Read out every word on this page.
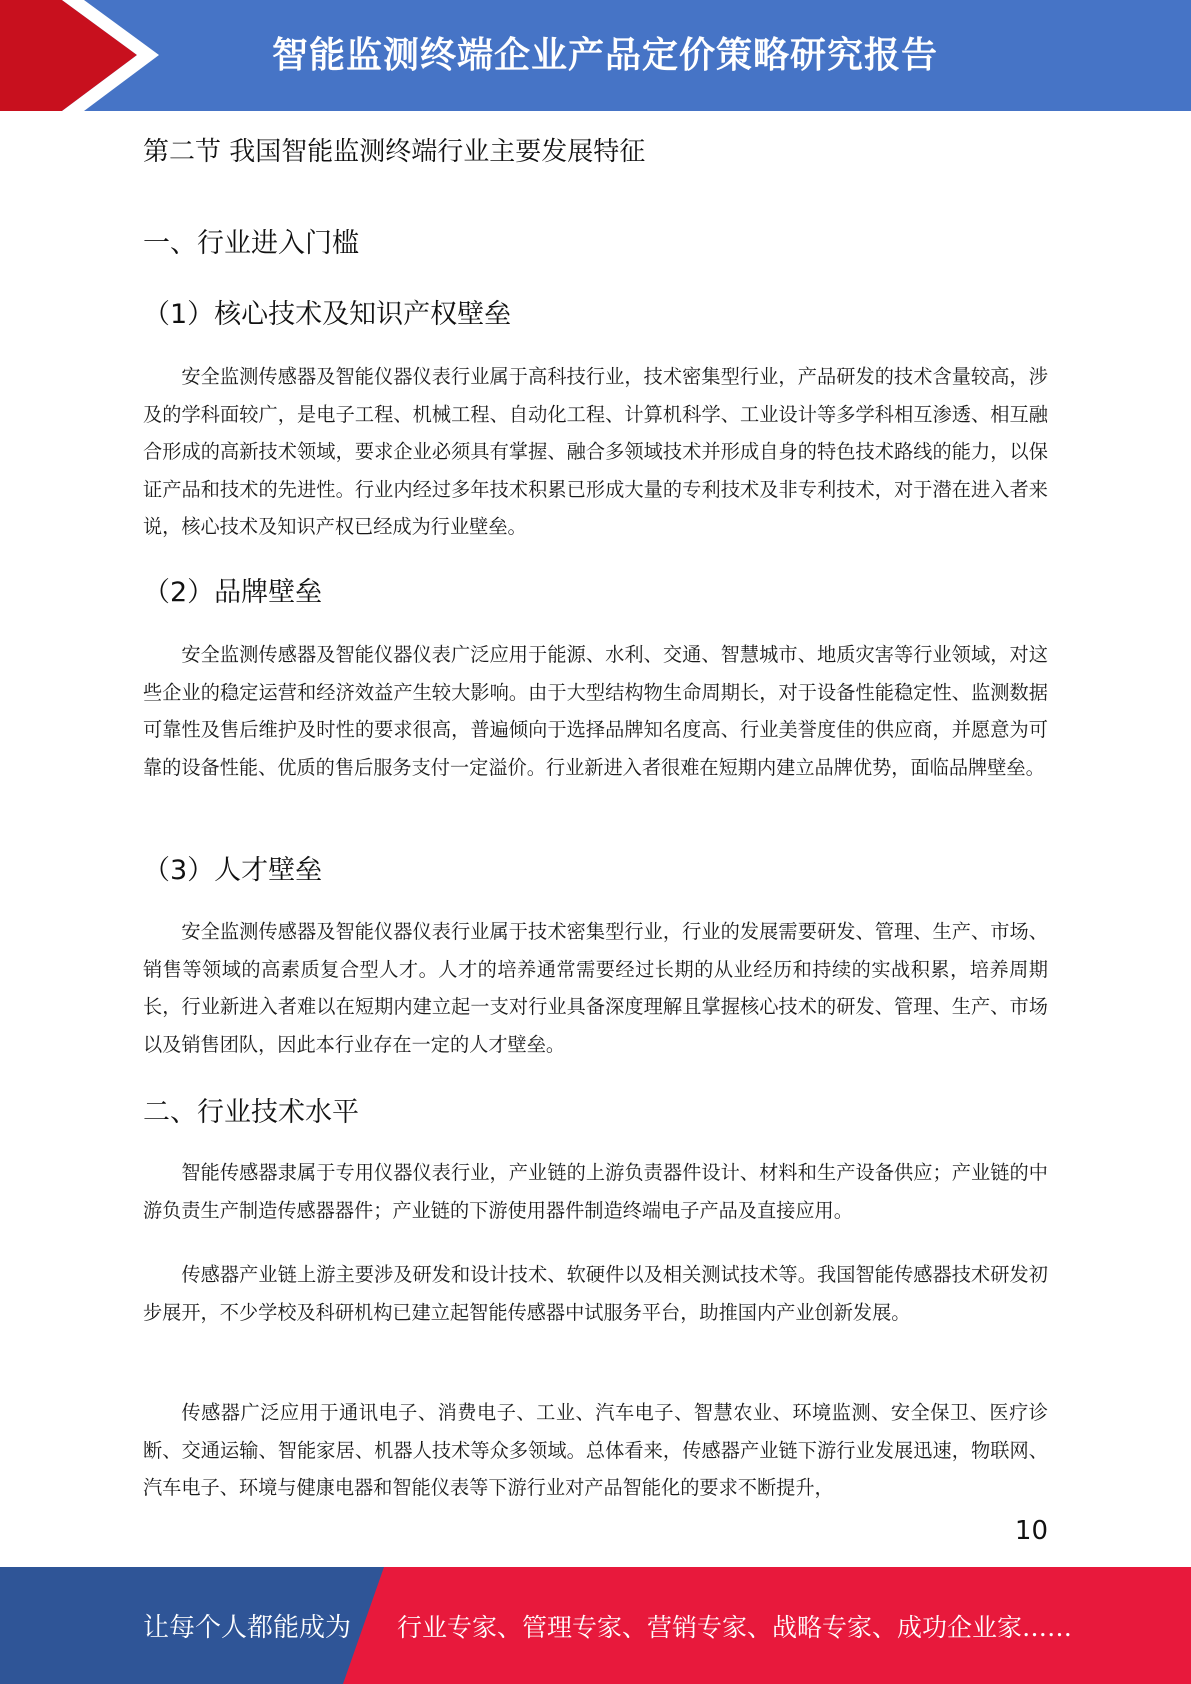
智能监测终端企业产品定价策略研究报告
第二节 我国智能监测终端行业主要发展特征
一、行业进入门槛
（1）核心技术及知识产权壁垒

安全监测传感器及智能仪器仪表行业属于高科技行业，技术密集型行业，产品研发的技术含量较高，涉及的学科面较广，是电子工程、机械工程、自动化工程、计算机科学、工业设计等多学科相互渗透、相互融合形成的高新技术领域，要求企业必须具有掌握、融合多领域技术并形成自身的特色技术路线的能力，以保证产品和技术的先进性。行业内经过多年技术积累已形成大量的专利技术及非专利技术，对于潜在进入者来说，核心技术及知识产权已经成为行业壁垒。

（2）品牌壁垒

安全监测传感器及智能仪器仪表广泛应用于能源、水利、交通、智慧城市、地质灾害等行业领域，对这些企业的稳定运营和经济效益产生较大影响。由于大型结构物生命周期长，对于设备性能稳定性、监测数据可靠性及售后维护及时性的要求很高，普遍倾向于选择品牌知名度高、行业美誉度佳的供应商，并愿意为可靠的设备性能、优质的售后服务支付一定溢价。行业新进入者很难在短期内建立品牌优势，面临品牌壁垒。

（3）人才壁垒

安全监测传感器及智能仪器仪表行业属于技术密集型行业，行业的发展需要研发、管理、生产、市场、销售等领域的高素质复合型人才。人才的培养通常需要经过长期的从业经历和持续的实战积累，培养周期长，行业新进入者难以在短期内建立起一支对行业具备深度理解且掌握核心技术的研发、管理、生产、市场以及销售团队，因此本行业存在一定的人才壁垒。

二、行业技术水平

智能传感器隶属于专用仪器仪表行业，产业链的上游负责器件设计、材料和生产设备供应；产业链的中游负责生产制造传感器器件；产业链的下游使用器件制造终端电子产品及直接应用。

传感器产业链上游主要涉及研发和设计技术、软硬件以及相关测试技术等。我国智能传感器技术研发初步展开，不少学校及科研机构已建立起智能传感器中试服务平台，助推国内产业创新发展。

传感器广泛应用于通讯电子、消费电子、工业、汽车电子、智慧农业、环境监测、安全保卫、医疗诊断、交通运输、智能家居、机器人技术等众多领域。总体看来，传感器产业链下游行业发展迅速，物联网、汽车电子、环境与健康电器和智能仪表等下游行业对产品智能化的要求不断提升，

10
让每个人都能成为 行业专家、管理专家、营销专家、战略专家、成功企业家……
